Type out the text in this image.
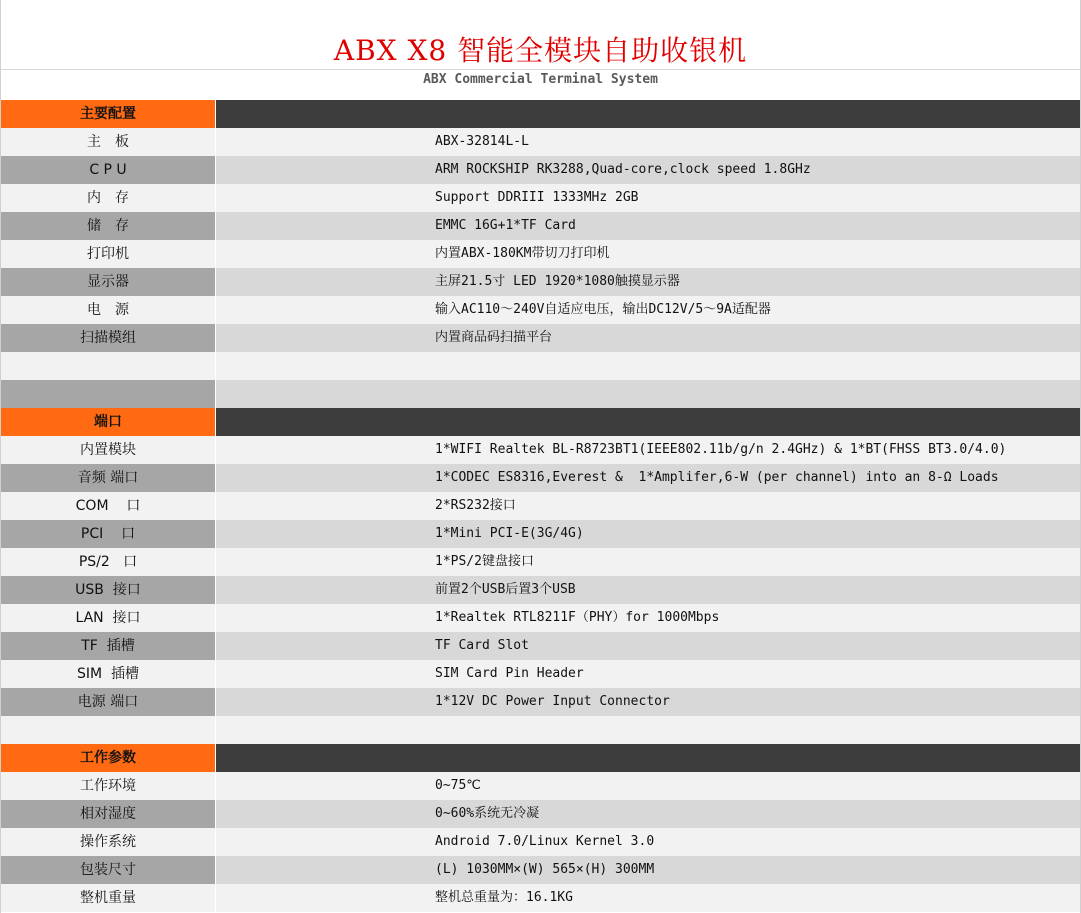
ABX X8 智能全模块自助收银机
ABX Commercial Terminal System
主要配置
主　板	ABX-32814L-L
C P U	ARM ROCKSHIP RK3288,Quad-core,clock speed 1.8GHz
内　存	Support DDRIII 1333MHz 2GB
储　存	EMMC 16G+1*TF Card
打印机	内置ABX-180KM带切刀打印机
显示器	主屏21.5寸 LED 1920*1080触摸显示器
电　源	输入AC110～240V自适应电压，输出DC12V/5～9A适配器
扫描模组	内置商品码扫描平台
端口
内置模块	1*WIFI Realtek BL-R8723BT1(IEEE802.11b/g/n 2.4GHz) & 1*BT(FHSS BT3.0/4.0)
音频 端口	1*CODEC ES8316,Everest &  1*Amplifer,6-W (per channel) into an 8-Ω Loads
COM    口	2*RS232接口
PCI    口	1*Mini PCI-E(3G/4G)
PS/2   口	1*PS/2键盘接口
USB  接口	前置2个USB后置3个USB
LAN  接口	1*Realtek RTL8211F（PHY）for 1000Mbps
TF  插槽	TF Card Slot
SIM  插槽	SIM Card Pin Header
电源 端口	1*12V DC Power Input Connector
工作参数
工作环境	0~75℃
相对湿度	0~60%系统无冷凝
操作系统	Android 7.0/Linux Kernel 3.0
包装尺寸	(L) 1030MM×(W) 565×(H) 300MM
整机重量	整机总重量为：16.1KG
